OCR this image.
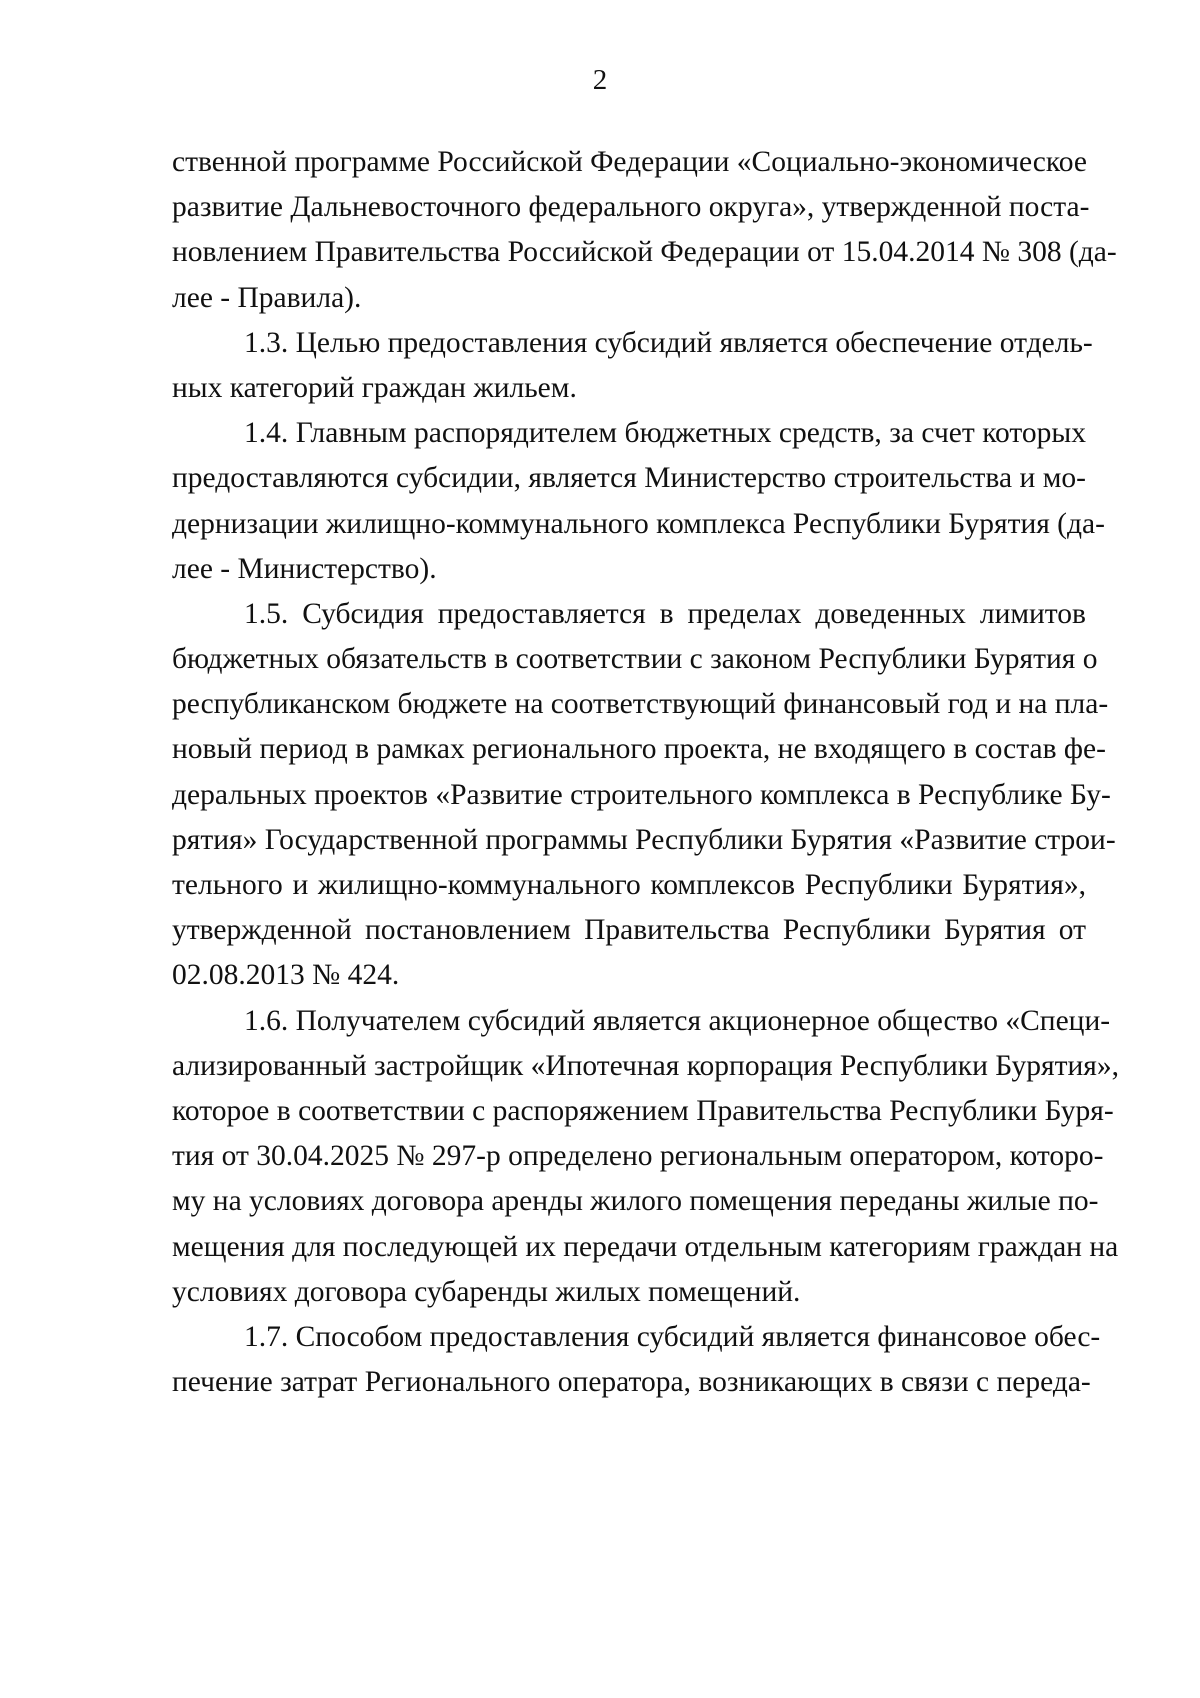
2
ственной программе Российской Федерации «Социально-экономическое
развитие Дальневосточного федерального округа», утвержденной поста-
новлением Правительства Российской Федерации от 15.04.2014 № 308 (да-
лее - Правила).
1.3. Целью предоставления субсидий является обеспечение отдель-
ных категорий граждан жильем.
1.4. Главным распорядителем бюджетных средств, за счет которых
предоставляются субсидии, является Министерство строительства и мо-
дернизации жилищно-коммунального комплекса Республики Бурятия (да-
лее - Министерство).
1.5. Субсидия предоставляется в пределах доведенных лимитов
бюджетных обязательств в соответствии с законом Республики Бурятия о
республиканском бюджете на соответствующий финансовый год и на пла-
новый период в рамках регионального проекта, не входящего в состав фе-
деральных проектов «Развитие строительного комплекса в Республике Бу-
рятия» Государственной программы Республики Бурятия «Развитие строи-
тельного и жилищно-коммунального комплексов Республики Бурятия»,
утвержденной постановлением Правительства Республики Бурятия от
02.08.2013 № 424.
1.6. Получателем субсидий является акционерное общество «Специ-
ализированный застройщик «Ипотечная корпорация Республики Бурятия»,
которое в соответствии с распоряжением Правительства Республики Буря-
тия от 30.04.2025 № 297-р определено региональным оператором, которо-
му на условиях договора аренды жилого помещения переданы жилые по-
мещения для последующей их передачи отдельным категориям граждан на
условиях договора субаренды жилых помещений.
1.7. Способом предоставления субсидий является финансовое обес-
печение затрат Регионального оператора, возникающих в связи с переда-
